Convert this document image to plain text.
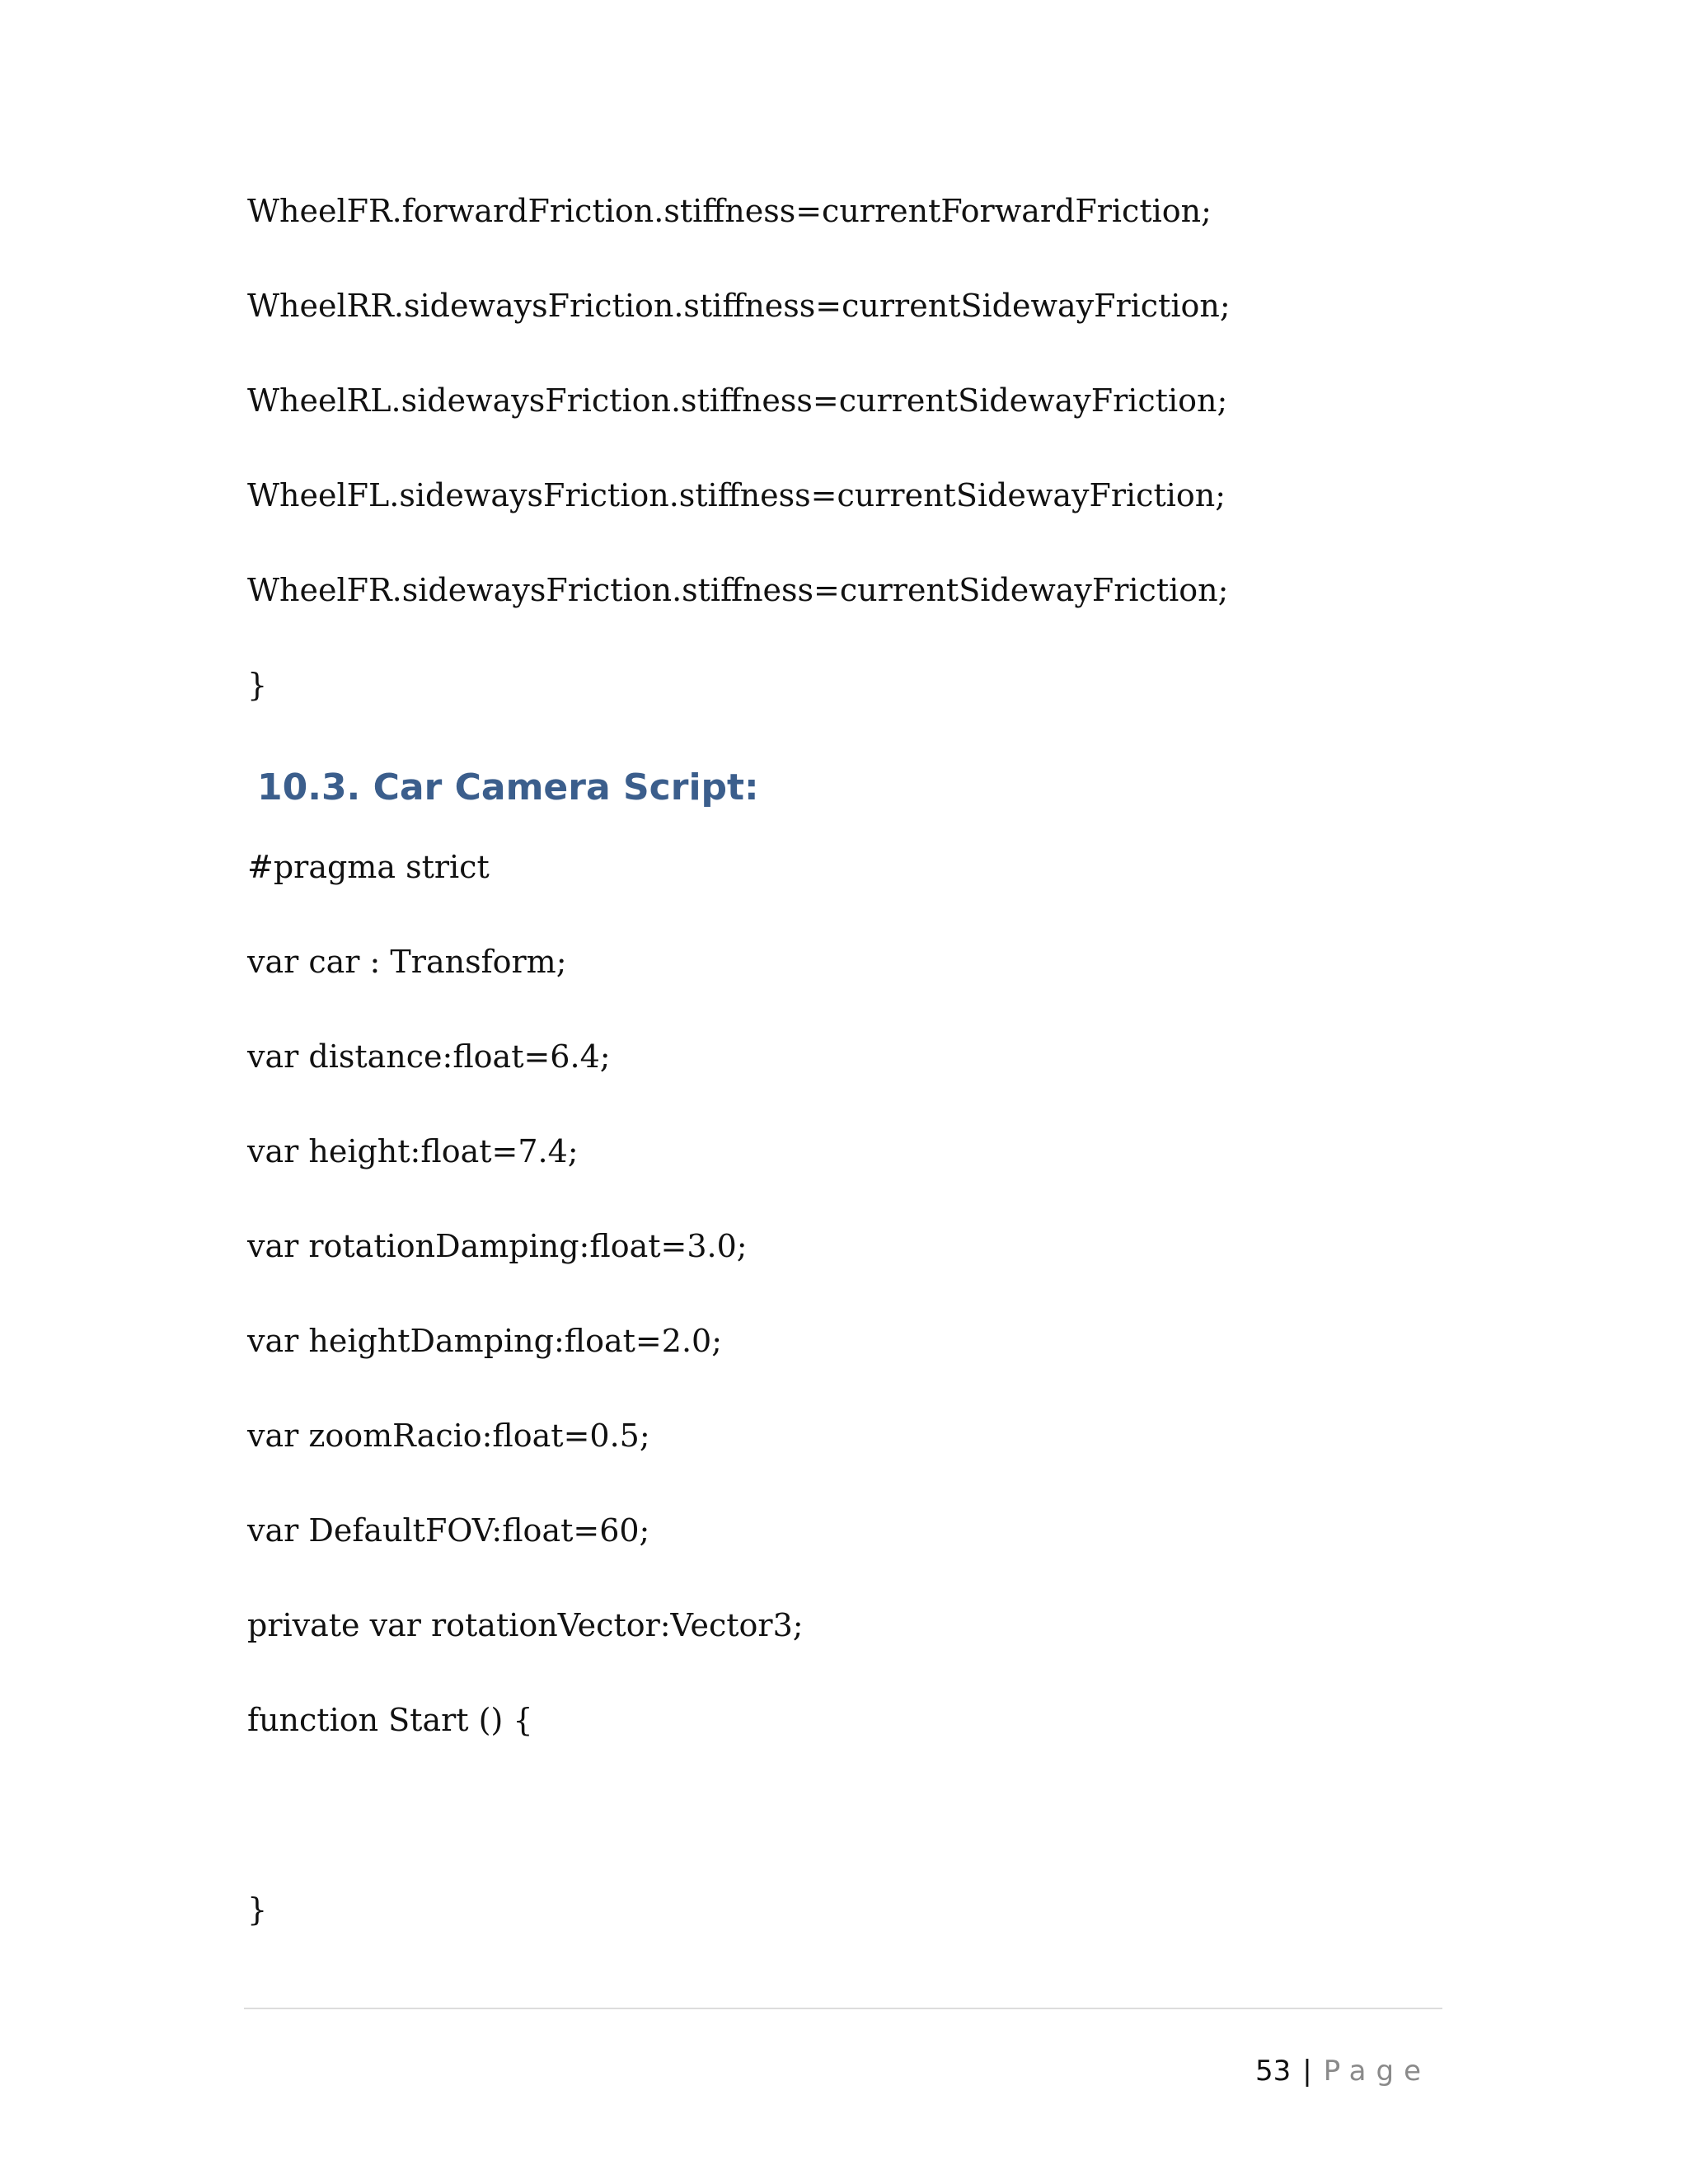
WheelFR.forwardFriction.stiffness=currentForwardFriction;
WheelRR.sidewaysFriction.stiffness=currentSidewayFriction;
WheelRL.sidewaysFriction.stiffness=currentSidewayFriction;
WheelFL.sidewaysFriction.stiffness=currentSidewayFriction;
WheelFR.sidewaysFriction.stiffness=currentSidewayFriction;
}
10.3. Car Camera Script:
#pragma strict
var car : Transform;
var distance:float=6.4;
var height:float=7.4;
var rotationDamping:float=3.0;
var heightDamping:float=2.0;
var zoomRacio:float=0.5;
var DefaultFOV:float=60;
private var rotationVector:Vector3;
function Start () {
}

53 | Page
